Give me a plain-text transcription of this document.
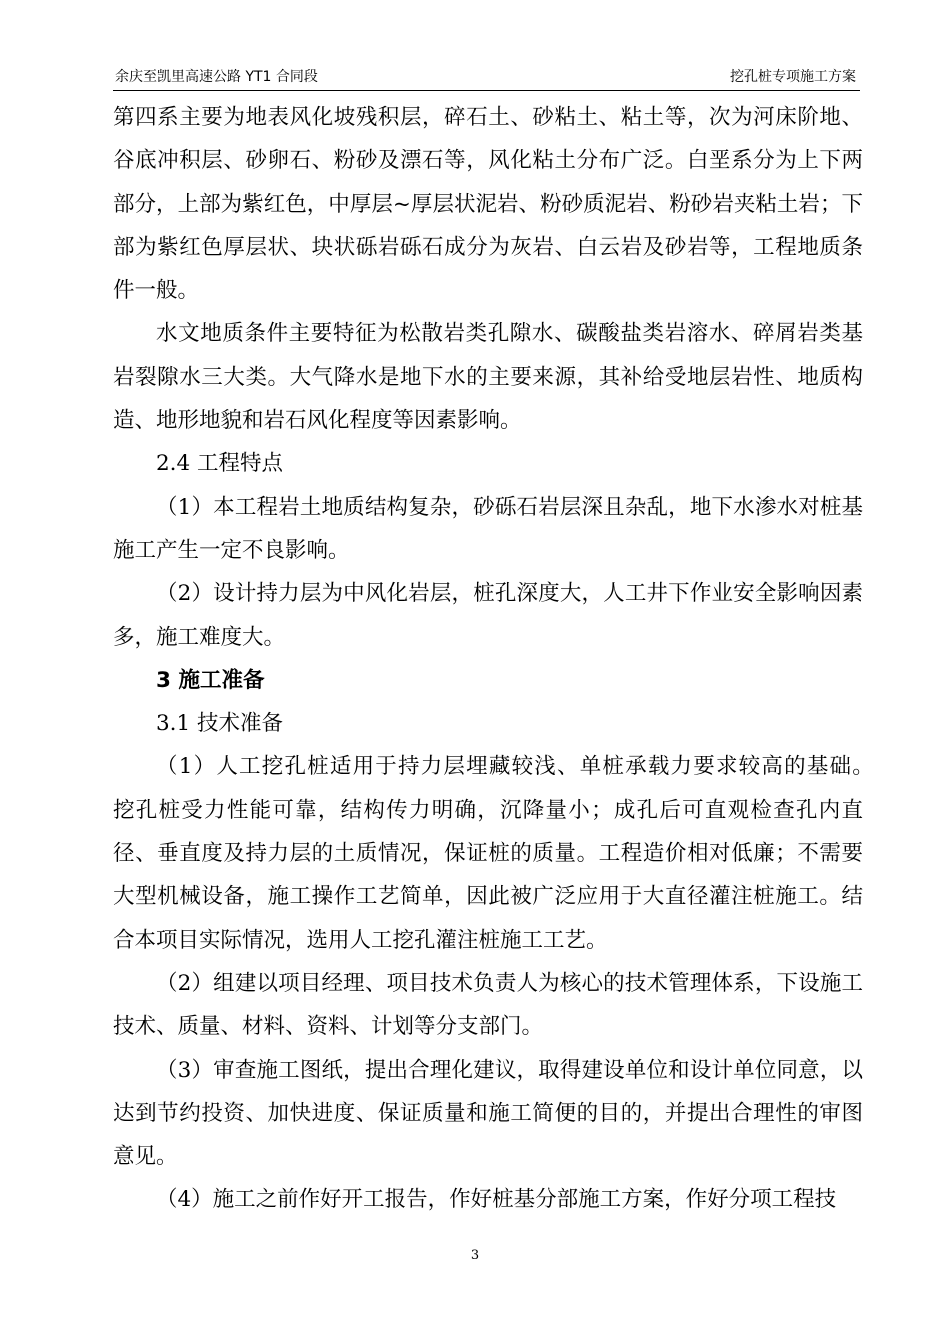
余庆至凯里高速公路 YT1 合同段	挖孔桩专项施工方案

第四系主要为地表风化坡残积层，碎石土、砂粘土、粘土等，次为河床阶地、谷底冲积层、砂卵石、粉砂及漂石等，风化粘土分布广泛。白垩系分为上下两部分，上部为紫红色，中厚层~厚层状泥岩、粉砂质泥岩、粉砂岩夹粘土岩；下部为紫红色厚层状、块状砾岩砾石成分为灰岩、白云岩及砂岩等，工程地质条件一般。

水文地质条件主要特征为松散岩类孔隙水、碳酸盐类岩溶水、碎屑岩类基岩裂隙水三大类。大气降水是地下水的主要来源，其补给受地层岩性、地质构造、地形地貌和岩石风化程度等因素影响。

2.4 工程特点

（1）本工程岩土地质结构复杂，砂砾石岩层深且杂乱，地下水渗水对桩基施工产生一定不良影响。

（2）设计持力层为中风化岩层，桩孔深度大，人工井下作业安全影响因素多，施工难度大。

3 施工准备

3.1 技术准备

（1）人工挖孔桩适用于持力层埋藏较浅、单桩承载力要求较高的基础。　挖孔桩受力性能可靠，结构传力明确，沉降量小；成孔后可直观检查孔内直径、垂直度及持力层的土质情况，保证桩的质量。工程造价相对低廉；不需要大型机械设备，施工操作工艺简单，因此被广泛应用于大直径灌注桩施工。结合本项目实际情况，选用人工挖孔灌注桩施工工艺。

（2）组建以项目经理、项目技术负责人为核心的技术管理体系，下设施工技术、质量、材料、资料、计划等分支部门。

（3）审查施工图纸，提出合理化建议，取得建设单位和设计单位同意，以达到节约投资、加快进度、保证质量和施工简便的目的，并提出合理性的审图意见。

（4）施工之前作好开工报告，作好桩基分部施工方案，作好分项工程技

3
